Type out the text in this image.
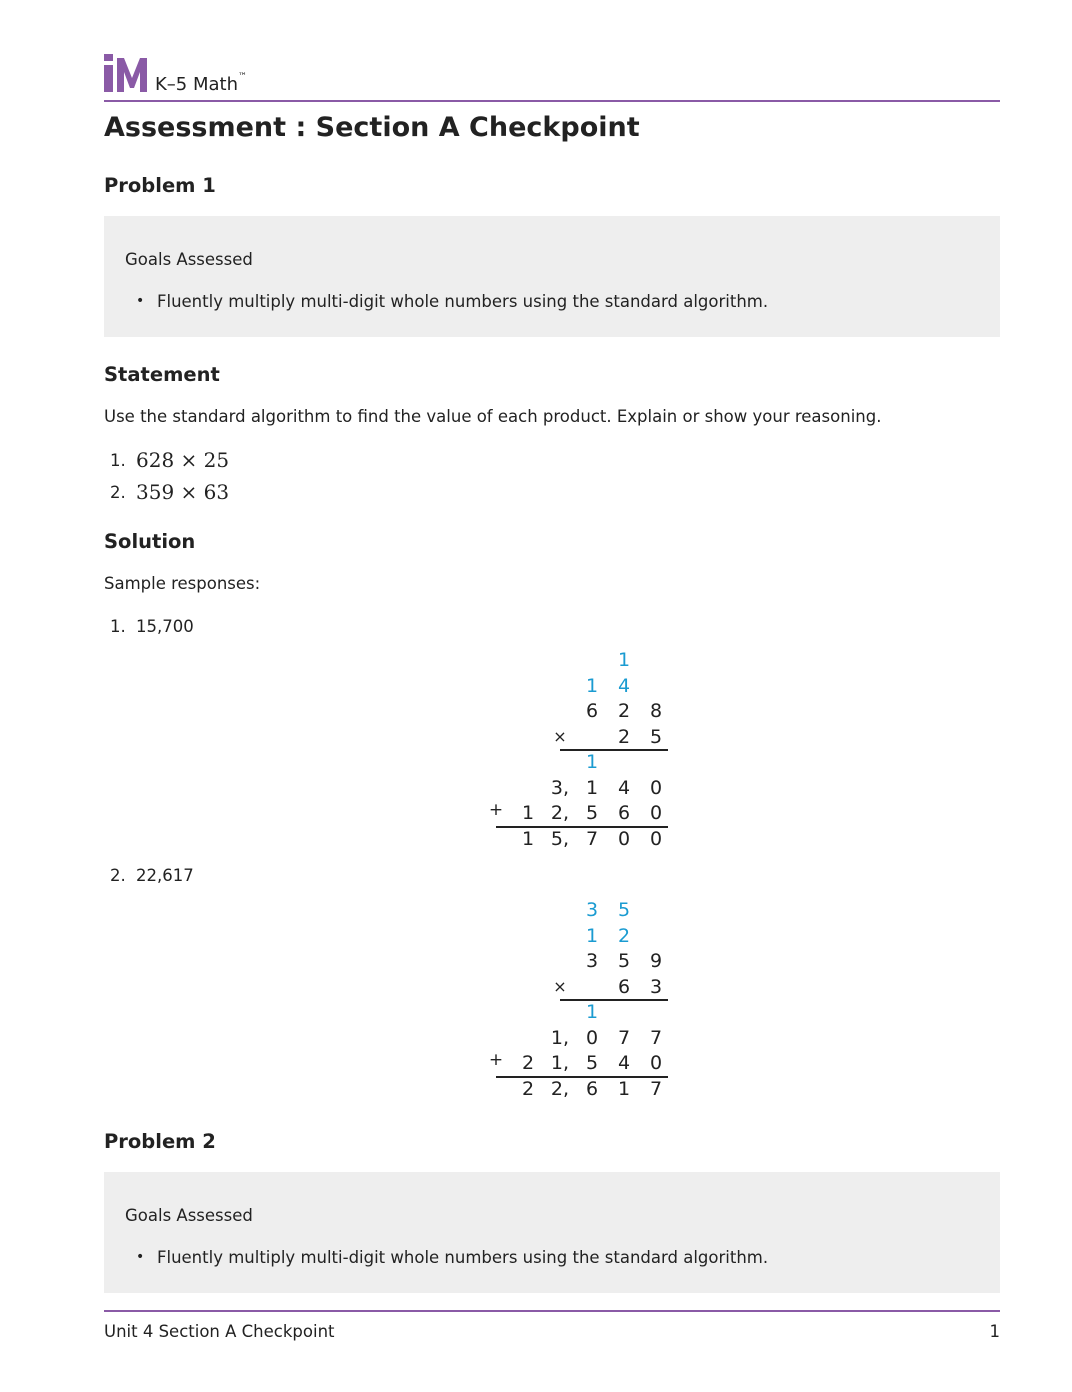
K–5 Math™
Assessment : Section A Checkpoint
Problem 1
Goals Assessed
• Fluently multiply multi-digit whole numbers using the standard algorithm.
Statement
Use the standard algorithm to find the value of each product. Explain or show your reasoning.
1. 628 × 25
2. 359 × 63
Solution
Sample responses:
1. 15,700
1
1	4
6	2	8
×	2	5
1
3, 1	4	0
+ 1 2, 5	6	0
1 5, 7	0	0
2. 22,617
3	5
1	2
3	5	9
×	6	3
1
1, 0	7	7
+ 2 1, 5	4	0
2 2, 6	1	7
Problem 2
Goals Assessed
• Fluently multiply multi-digit whole numbers using the standard algorithm.
Unit 4 Section A Checkpoint	1
